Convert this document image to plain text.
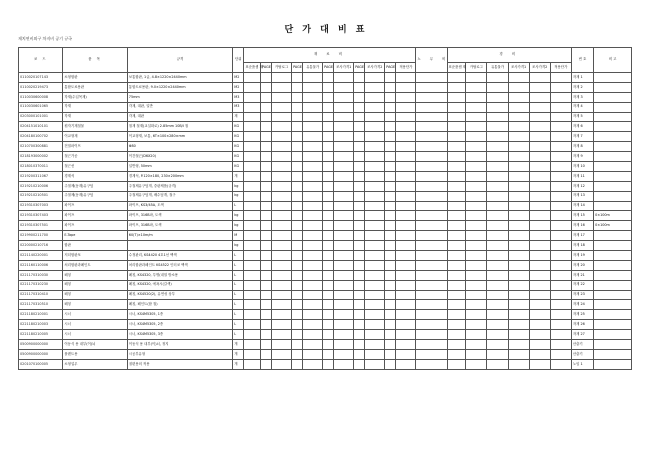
단 가 대 비 표
재치연비외구 차지비 공기 규국
코 드	품 목	규격	단위	재 료 비											노 무 비	경 비						번 호	비 고
				표준품셈 계	PAGE	카탈로그	PAGE	유통물가	PAGE	조사가격1	PAGE	조사가격2	PAGE	적용단가		표준품셈 계	카탈로그	유통물가	조사가격1	조사가격2	적용단가		
0110020107143	소형합판	보통합판, 1급, 4.8×1220×2440mm	M2																			자재 1	
0110020219473	통합도료용판	통합도료용판, 9.0×1220×2440mm	M2																			자재 2	
0110030600008	각재(수입목재)	75mm	M3																			자재 3	
0110030601065	각재	각재, 대판, 일반	M3																			자재 4	
0203000101001	각재	각재, 대판	재																			자재 5	
0204151010101	원자기재철물	철재 철재(교설화로) 2.85mm 10B/I 철	KG																			자재 6	
0204180100702	이교형재	이교형재, 보통, 6T×100×280×mm	KG																			자재 7	
0210700300881	전열파이프	Φ80	KG																			자재 8	
0218193000002	철근가공	이간철근(D6X20)	KG																			자재 9	
0218010370011	철근선	일반형, 50mm	KG																			자재 10	
0219200311067	경계석	경계석, P.120×180, 230×200mm	개																			자재 11	
0219210210006	주철제(동계)유구덮	주철제유구덮개, 중판제품(규격)	kg																			자재 12	
0219210210501	주철제(동계)유구덮	주철제유구덮개, 배수덮개, 철구	kg																			자재 13	
0219310307003	파이프	파이프, KS3/45A, 도색	L																			자재 14	
0219310307403	파이프	파이프, 316B파, 도색	kg																			자재 15	0×100m
0219310307501	파이프	파이프, 316B파, 도색	kg																			자재 16	0×100m
0219900211700	E-Tape	60(T)×10m/m	M																			자재 17	
0220000210716	합판		kg																			자재 18	
0221140220001	저녁합판포	수정판리, KS4420 4호1선 백색	L																			자재 19	
0221160110006	처리합판과페인트	처리합판과페인트 KS4522 인터코 백색	L																			자재 20	
0221170310030	페칭	페칭, KS4320, 투명(내열 방소용	L																			자재 21	
0221170310230	페칭	페칭, KS4320, 에폭시(갈색)	L																			자재 22	
0221170310410	페칭	페칭, KS4520(2), 유연성 상부	L																			자재 23	
0221170310510	페칭	페칭, 페인트(합 철)	L																			자재 24	
0221180210001	시너	시너, KS4M5305, 1종	L																			자재 25	
0221180210003	시너	시너, KS4M5305, 2종	L																			자재 26	
0221180210005	시너	시너, KS4M5305, 3종	L																			자재 27	
0500900000000	이동식 용 내부(이)뇌	이동식 용 내부(이)뇌, 정지	개																			산출기	
0500900000000	플랜트용	시공부유형	개																			산출기	
0201070100005	소형업무	절편용의 적용	개																			노임 1	
